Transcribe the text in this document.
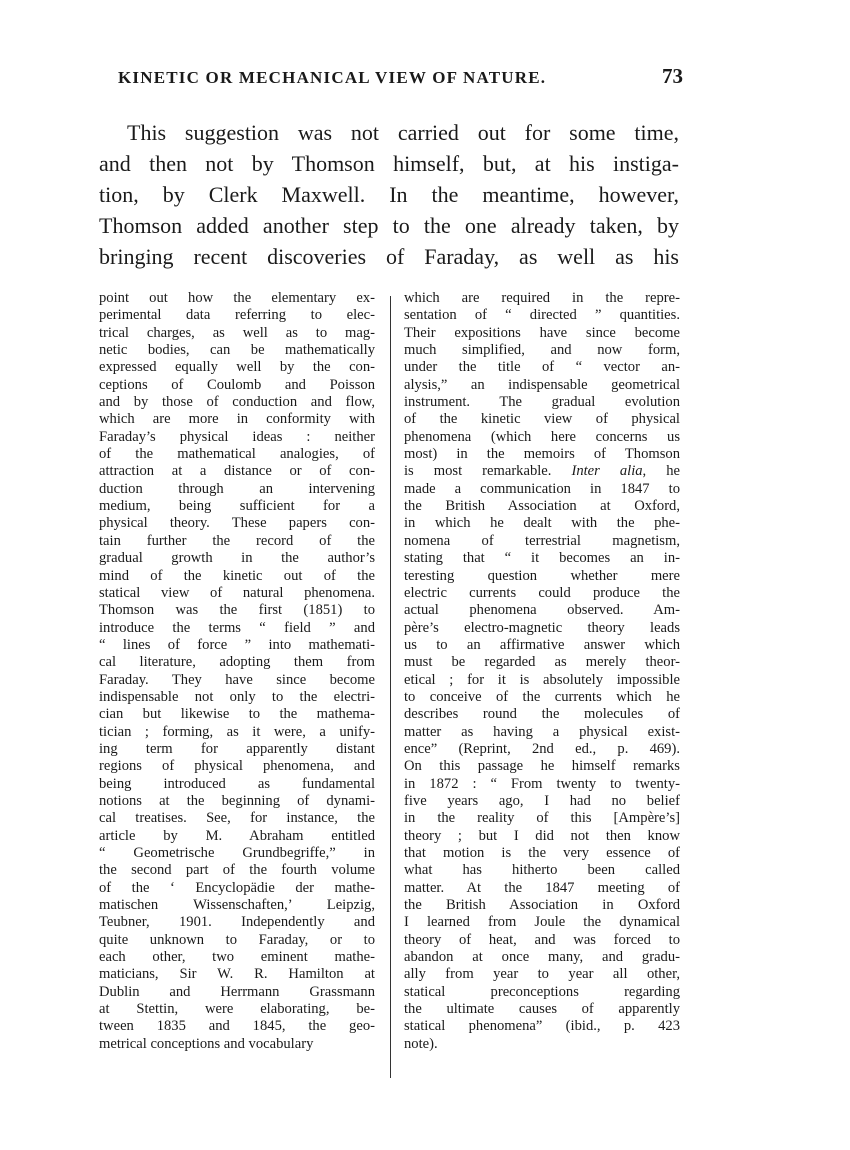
KINETIC OR MECHANICAL VIEW OF NATURE.	73
This suggestion was not carried out for some time,
and then not by Thomson himself, but, at his instiga-
tion, by Clerk Maxwell. In the meantime, however,
Thomson added another step to the one already taken, by
bringing recent discoveries of Faraday, as well as his
point out how the elementary ex-
perimental data referring to elec-
trical charges, as well as to mag-
netic bodies, can be mathematically
expressed equally well by the con-
ceptions of Coulomb and Poisson
and by those of conduction and flow,
which are more in conformity with
Faraday’s physical ideas : neither
of the mathematical analogies, of
attraction at a distance or of con-
duction through an intervening
medium, being sufficient for a
physical theory. These papers con-
tain further the record of the
gradual growth in the author’s
mind of the kinetic out of the
statical view of natural phenomena.
Thomson was the first (1851) to
introduce the terms “ field ” and
“ lines of force ” into mathemati-
cal literature, adopting them from
Faraday. They have since become
indispensable not only to the electri-
cian but likewise to the mathema-
tician ; forming, as it were, a unify-
ing term for apparently distant
regions of physical phenomena, and
being introduced as fundamental
notions at the beginning of dynami-
cal treatises. See, for instance, the
article by M. Abraham entitled
“ Geometrische Grundbegriffe,” in
the second part of the fourth volume
of the ‘ Encyclopädie der mathe-
matischen Wissenschaften,’ Leipzig,
Teubner, 1901. Independently and
quite unknown to Faraday, or to
each other, two eminent mathe-
maticians, Sir W. R. Hamilton at
Dublin and Herrmann Grassmann
at Stettin, were elaborating, be-
tween 1835 and 1845, the geo-
metrical conceptions and vocabulary
which are required in the repre-
sentation of “ directed ” quantities.
Their expositions have since become
much simplified, and now form,
under the title of “ vector an-
alysis,” an indispensable geometrical
instrument. The gradual evolution
of the kinetic view of physical
phenomena (which here concerns us
most) in the memoirs of Thomson
is most remarkable. Inter alia, he
made a communication in 1847 to
the British Association at Oxford,
in which he dealt with the phe-
nomena of terrestrial magnetism,
stating that “ it becomes an in-
teresting question whether mere
electric currents could produce the
actual phenomena observed. Am-
père’s electro-magnetic theory leads
us to an affirmative answer which
must be regarded as merely theor-
etical ; for it is absolutely impossible
to conceive of the currents which he
describes round the molecules of
matter as having a physical exist-
ence” (Reprint, 2nd ed., p. 469).
On this passage he himself remarks
in 1872 : “ From twenty to twenty-
five years ago, I had no belief
in the reality of this [Ampère’s]
theory ; but I did not then know
that motion is the very essence of
what has hitherto been called
matter. At the 1847 meeting of
the British Association in Oxford
I learned from Joule the dynamical
theory of heat, and was forced to
abandon at once many, and gradu-
ally from year to year all other,
statical preconceptions regarding
the ultimate causes of apparently
statical phenomena” (ibid., p. 423
note).
